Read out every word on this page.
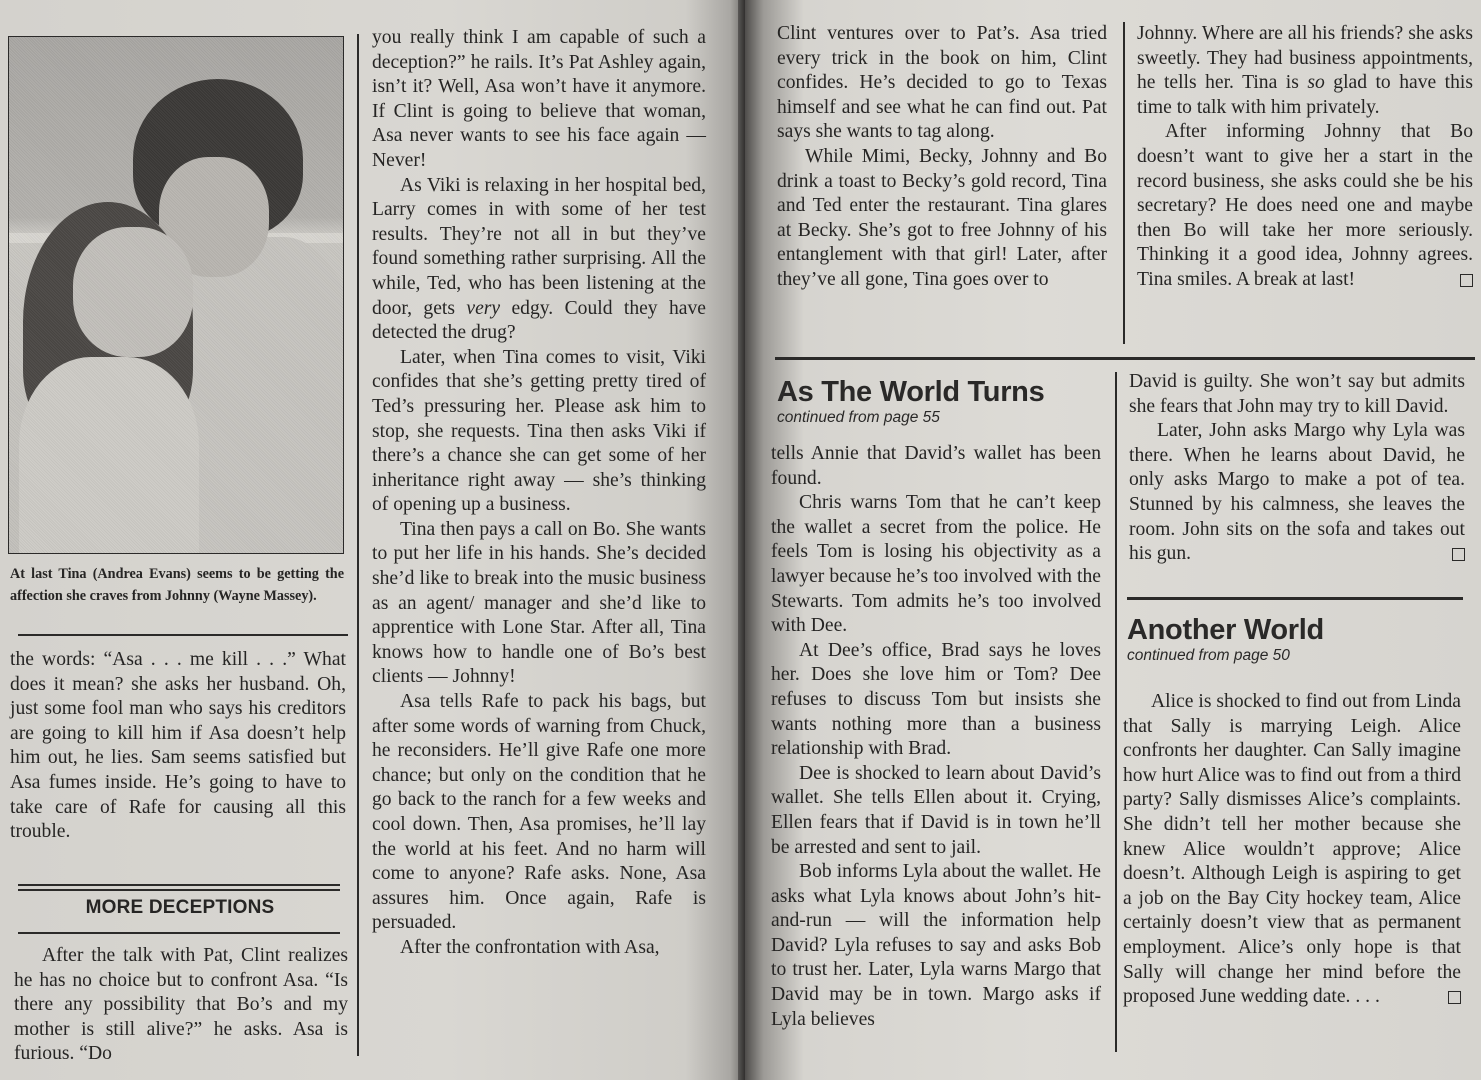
At last Tina (Andrea Evans) seems to be getting the affection she craves from Johnny (Wayne Massey).

the words: “Asa . . . me kill . . .” What does it mean? she asks her husband. Oh, just some fool man who says his creditors are going to kill him if Asa doesn’t help him out, he lies. Sam seems satisfied but Asa fumes inside. He’s going to have to take care of Rafe for causing all this trouble.

MORE DECEPTIONS

After the talk with Pat, Clint realizes he has no choice but to confront Asa. “Is there any possibility that Bo’s and my mother is still alive?” he asks. Asa is furious. “Do

you really think I am capable of such a deception?” he rails. It’s Pat Ashley again, isn’t it? Well, Asa won’t have it anymore. If Clint is going to believe that woman, Asa never wants to see his face again — Never!

As Viki is relaxing in her hospital bed, Larry comes in with some of her test results. They’re not all in but they’ve found something rather surprising. All the while, Ted, who has been listening at the door, gets very edgy. Could they have detected the drug?

Later, when Tina comes to visit, Viki confides that she’s getting pretty tired of Ted’s pressuring her. Please ask him to stop, she requests. Tina then asks Viki if there’s a chance she can get some of her inheritance right away — she’s thinking of opening up a business.

Tina then pays a call on Bo. She wants to put her life in his hands. She’s decided she’d like to break into the music business as an agent/ manager and she’d like to apprentice with Lone Star. After all, Tina knows how to handle one of Bo’s best clients — Johnny!

Asa tells Rafe to pack his bags, but after some words of warning from Chuck, he reconsiders. He’ll give Rafe one more chance; but only on the condition that he go back to the ranch for a few weeks and cool down. Then, Asa promises, he’ll lay the world at his feet. And no harm will come to anyone? Rafe asks. None, Asa assures him. Once again, Rafe is persuaded.

After the confrontation with Asa,

Clint ventures over to Pat’s. Asa tried every trick in the book on him, Clint confides. He’s decided to go to Texas himself and see what he can find out. Pat says she wants to tag along.

While Mimi, Becky, Johnny and Bo drink a toast to Becky’s gold record, Tina and Ted enter the restaurant. Tina glares at Becky. She’s got to free Johnny of his entanglement with that girl! Later, after they’ve all gone, Tina goes over to

Johnny. Where are all his friends? she asks sweetly. They had business appointments, he tells her. Tina is so glad to have this time to talk with him privately.

After informing Johnny that Bo doesn’t want to give her a start in the record business, she asks could she be his secretary? He does need one and maybe then Bo will take her more seriously. Thinking it a good idea, Johnny agrees. Tina smiles. A break at last!

As The World Turns
continued from page 55

tells Annie that David’s wallet has been found.

Chris warns Tom that he can’t keep the wallet a secret from the police. He feels Tom is losing his objectivity as a lawyer because he’s too involved with the Stewarts. Tom admits he’s too involved with Dee.

At Dee’s office, Brad says he loves her. Does she love him or Tom? Dee refuses to discuss Tom but insists she wants nothing more than a business relationship with Brad.

Dee is shocked to learn about David’s wallet. She tells Ellen about it. Crying, Ellen fears that if David is in town he’ll be arrested and sent to jail.

Bob informs Lyla about the wallet. He asks what Lyla knows about John’s hit-and-run — will the information help David? Lyla refuses to say and asks Bob to trust her. Later, Lyla warns Margo that David may be in town. Margo asks if Lyla believes

David is guilty. She won’t say but admits she fears that John may try to kill David.

Later, John asks Margo why Lyla was there. When he learns about David, he only asks Margo to make a pot of tea. Stunned by his calmness, she leaves the room. John sits on the sofa and takes out his gun.

Another World
continued from page 50

Alice is shocked to find out from Linda that Sally is marrying Leigh. Alice confronts her daughter. Can Sally imagine how hurt Alice was to find out from a third party? Sally dismisses Alice’s complaints. She didn’t tell her mother because she knew Alice wouldn’t approve; Alice doesn’t. Although Leigh is aspiring to get a job on the Bay City hockey team, Alice certainly doesn’t view that as permanent employment. Alice’s only hope is that Sally will change her mind before the proposed June wedding date. . . .
